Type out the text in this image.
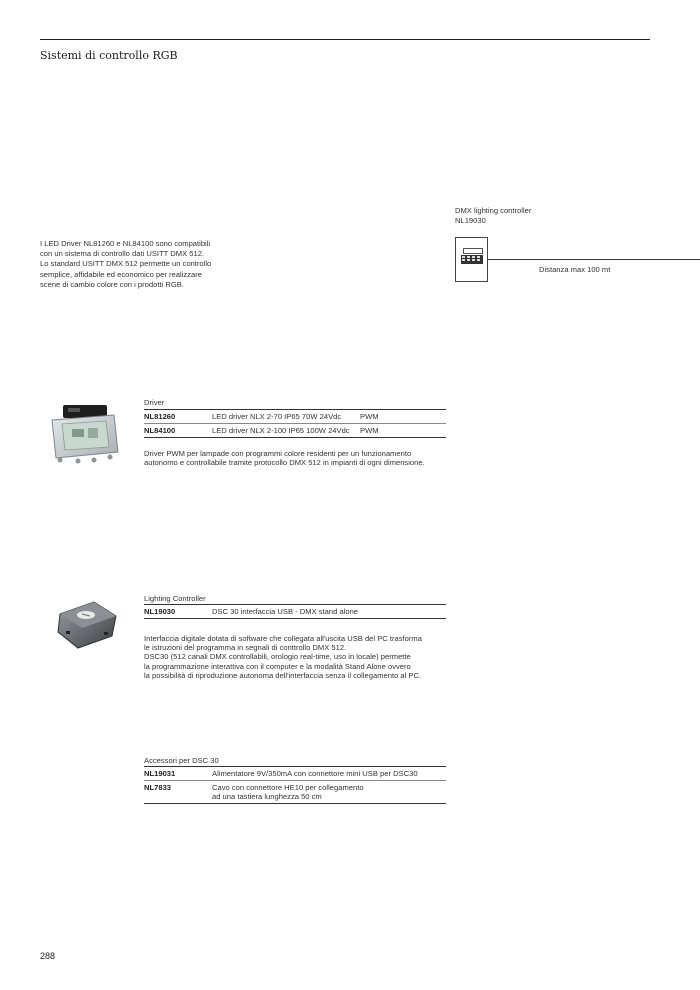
Sistemi di controllo RGB
I LED Driver NL81260 e NL84100 sono compatibili
con un sistema di controllo dati USITT DMX 512.
Lo standard USITT DMX 512 permette un controllo
semplice, affidabile ed economico per realizzare
scene di cambio colore con i prodotti RGB.
DMX lighting controller
NL19030
Distanza max 100 mt
Driver
NL81260	LED driver NLX 2-70 IP65 70W 24Vdc PWM
NL84100	LED driver NLX 2-100 IP65 100W 24Vdc PWM
Driver PWM per lampade con programmi colore residenti per un funzionamento
autonomo e controllabile tramite protocollo DMX 512 in impianti di ogni dimensione.
Lighting Controller
NL19030	DSC 30 interfaccia USB - DMX stand alone
Interfaccia digitale dotata di software che collegata all'uscita USB del PC trasforma
le istruzioni del programma in segnali di conttrollo DMX 512.
DSC30 (512 canali DMX controllabili, orologio real-time, uso in locale) permette
la programmazione interattiva con il computer e la modalità Stand Alone ovvero
la possibilità di riproduzione autonoma dell'interfaccia senza il collegamento al PC.
Accessori per DSC 30
NL19031	Alimentatore 9V/350mA con connettore mini USB per DSC30
NL7833	Cavo con connettore HE10 per collegamento
ad una tastiera lunghezza 50 cm
288
